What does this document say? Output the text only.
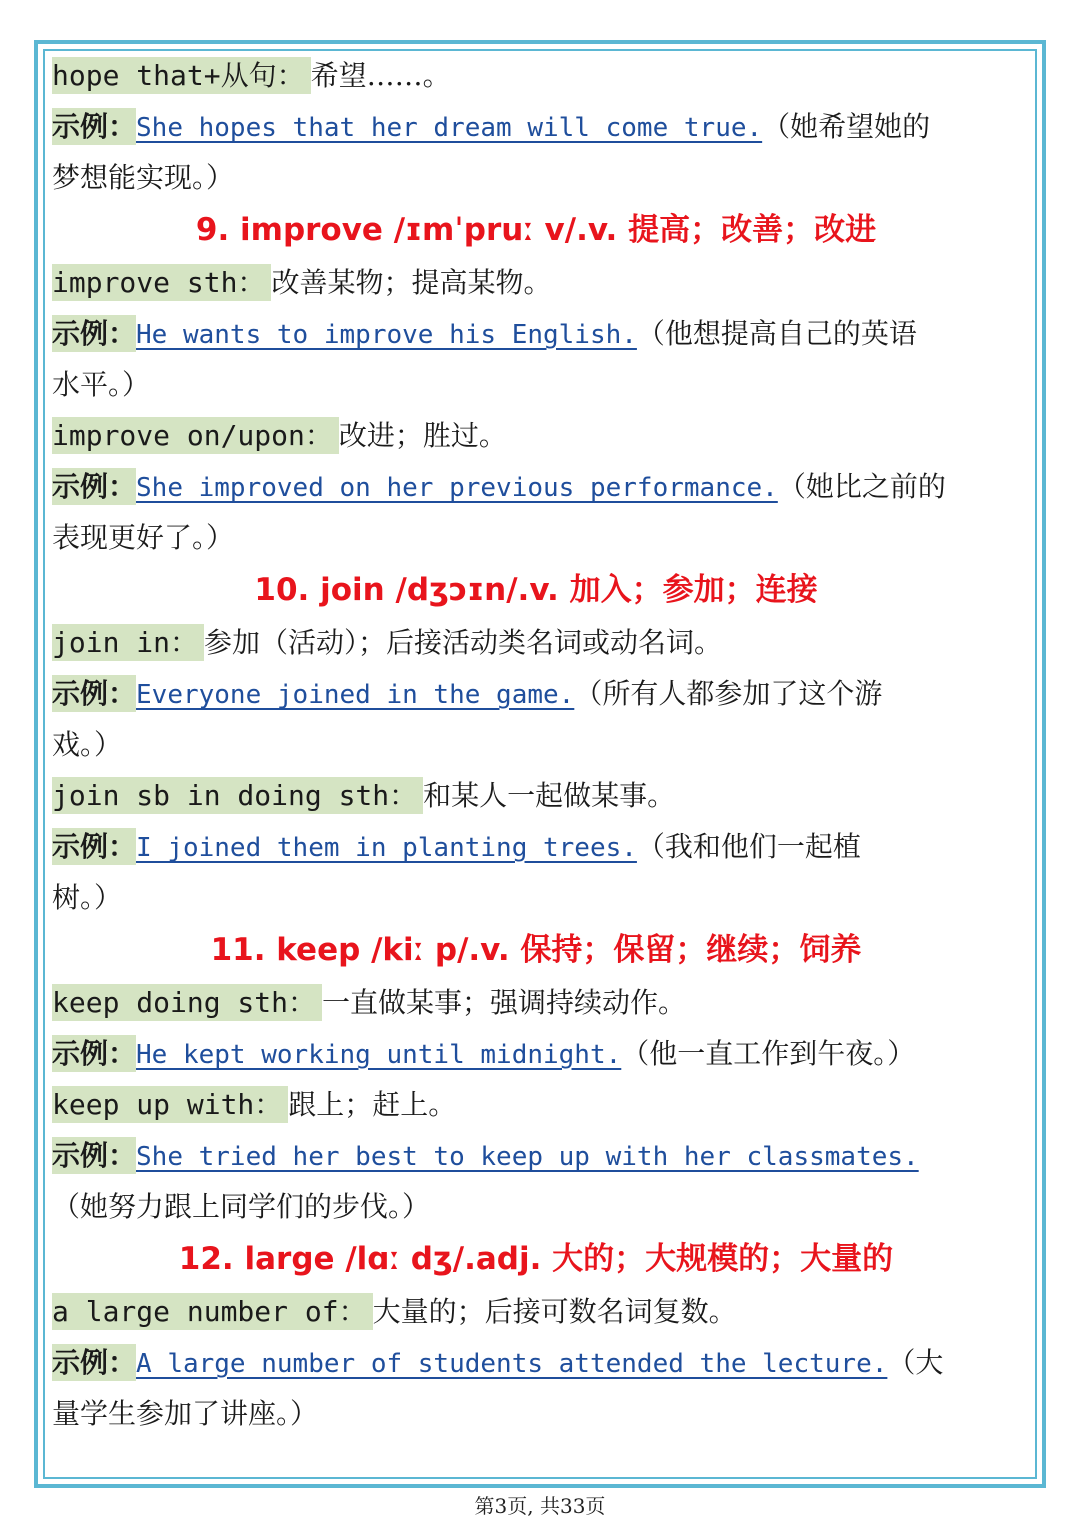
hope that+从句： 希望……。
示例：She hopes that her dream will come true.（她希望她的
梦想能实现。）
9. improve /ɪmˈpruː v/.v. 提高；改善；改进
improve sth： 改善某物；提高某物。
示例：He wants to improve his English.（他想提高自己的英语
水平。）
improve on/upon： 改进；胜过。
示例：She improved on her previous performance.（她比之前的
表现更好了。）
10. join /dʒɔɪn/.v. 加入；参加；连接
join in： 参加（活动）；后接活动类名词或动名词。
示例：Everyone joined in the game.（所有人都参加了这个游
戏。）
join sb in doing sth： 和某人一起做某事。
示例：I joined them in planting trees.（我和他们一起植
树。）
11. keep /kiː p/.v. 保持；保留；继续；饲养
keep doing sth： 一直做某事；强调持续动作。
示例：He kept working until midnight.（他一直工作到午夜。）
keep up with： 跟上；赶上。
示例：She tried her best to keep up with her classmates.
（她努力跟上同学们的步伐。）
12. large /lɑː dʒ/.adj. 大的；大规模的；大量的
a large number of： 大量的；后接可数名词复数。
示例：A large number of students attended the lecture.（大
量学生参加了讲座。）
第3页, 共33页
